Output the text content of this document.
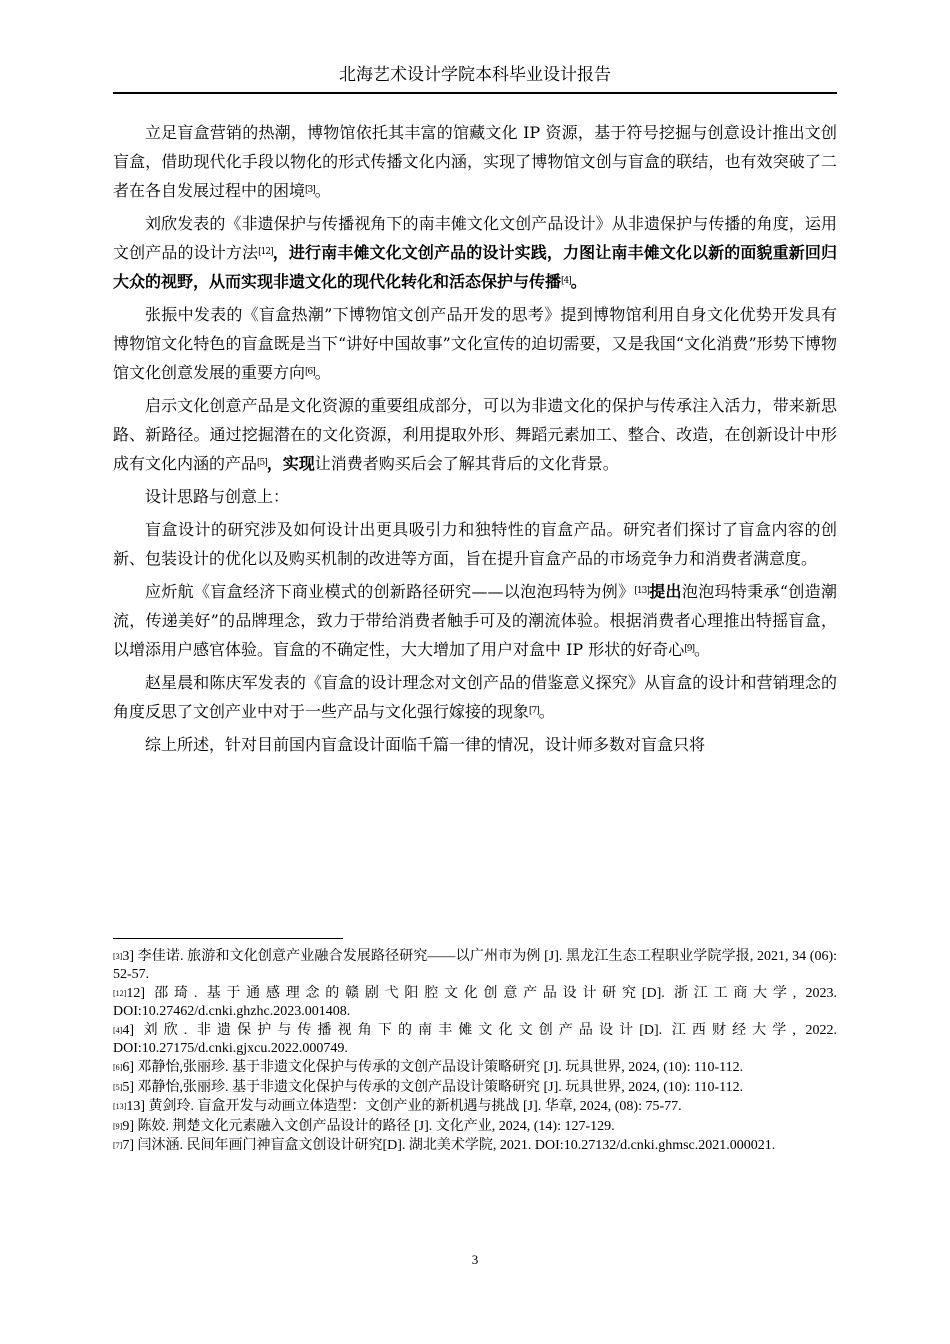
北海艺术设计学院本科毕业设计报告

立足盲盒营销的热潮，博物馆依托其丰富的馆藏文化 IP 资源，基于符号挖掘与创意设计推出文创盲盒，借助现代化手段以物化的形式传播文化内涵，实现了博物馆文创与盲盒的联结，也有效突破了二者在各自发展过程中的困境[3]。

刘欣发表的《非遗保护与传播视角下的南丰傩文化文创产品设计》从非遗保护与传播的角度，运用文创产品的设计方法[12]，进行南丰傩文化文创产品的设计实践，力图让南丰傩文化以新的面貌重新回归大众的视野，从而实现非遗文化的现代化转化和活态保护与传播[4]。

张振中发表的《盲盒热潮”下博物馆文创产品开发的思考》提到博物馆利用自身文化优势开发具有博物馆文化特色的盲盒既是当下“讲好中国故事”文化宣传的迫切需要，又是我国“文化消费”形势下博物馆文化创意发展的重要方向[6]。

启示文化创意产品是文化资源的重要组成部分，可以为非遗文化的保护与传承注入活力，带来新思路、新路径。通过挖掘潜在的文化资源，利用提取外形、舞蹈元素加工、整合、改造，在创新设计中形成有文化内涵的产品[5]，实现让消费者购买后会了解其背后的文化背景。

设计思路与创意上：

盲盒设计的研究涉及如何设计出更具吸引力和独特性的盲盒产品。研究者们探讨了盲盒内容的创新、包装设计的优化以及购买机制的改进等方面，旨在提升盲盒产品的市场竞争力和消费者满意度。

应炘航《盲盒经济下商业模式的创新路径研究——以泡泡玛特为例》[13]提出泡泡玛特秉承“创造潮流，传递美好”的品牌理念，致力于带给消费者触手可及的潮流体验。根据消费者心理推出特摇盲盒，以增添用户感官体验。盲盒的不确定性，大大增加了用户对盒中 IP 形状的好奇心[9]。

赵星晨和陈庆军发表的《盲盒的设计理念对文创产品的借鉴意义探究》从盲盒的设计和营销理念的角度反思了文创产业中对于一些产品与文化强行嫁接的现象[7]。

综上所述，针对目前国内盲盒设计面临千篇一律的情况，设计师多数对盲盒只将

[3]3] 李佳诺. 旅游和文化创意产业融合发展路径研究——以广州市为例 [J]. 黑龙江生态工程职业学院学报, 2021, 34 (06): 52-57.

[12]12] 邵琦. 基于通感理念的赣剧弋阳腔文化创意产品设计研究[D]. 浙江工商大学, 2023. DOI:10.27462/d.cnki.ghzhc.2023.001408.

[4]4] 刘欣. 非遗保护与传播视角下的南丰傩文化文创产品设计[D]. 江西财经大学, 2022. DOI:10.27175/d.cnki.gjxcu.2022.000749.

[6]6] 邓静怡,张丽珍. 基于非遗文化保护与传承的文创产品设计策略研究 [J]. 玩具世界, 2024, (10): 110-112.

[5]5] 邓静怡,张丽珍. 基于非遗文化保护与传承的文创产品设计策略研究 [J]. 玩具世界, 2024, (10): 110-112.

[13]13] 黄剑玲. 盲盒开发与动画立体造型：文创产业的新机遇与挑战 [J]. 华章, 2024, (08): 75-77.

[9]9] 陈姣. 荆楚文化元素融入文创产品设计的路径 [J]. 文化产业, 2024, (14): 127-129.

[7]7] 闫沐涵. 民间年画门神盲盒文创设计研究[D]. 湖北美术学院, 2021. DOI:10.27132/d.cnki.ghmsc.2021.000021.

3
